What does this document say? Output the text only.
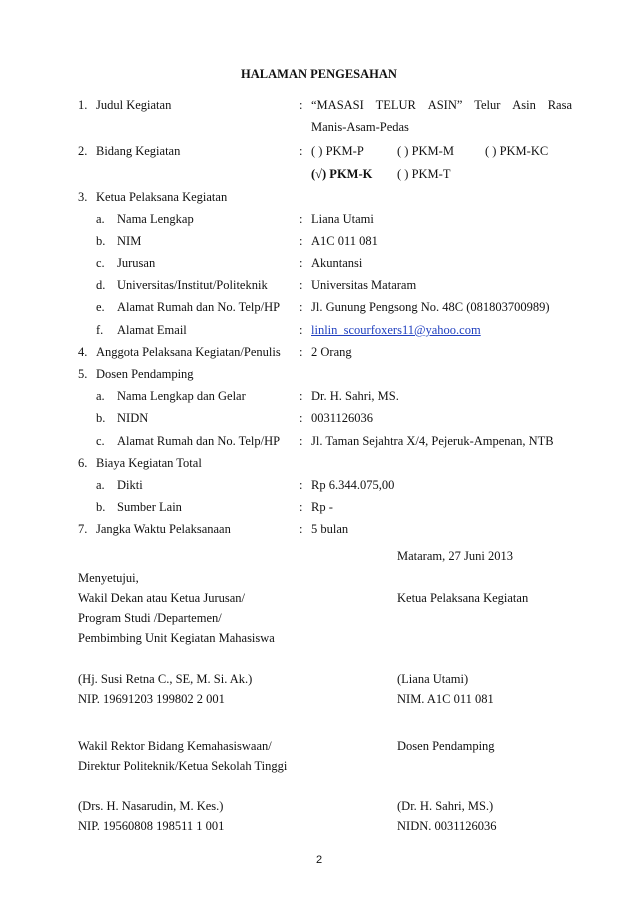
HALAMAN PENGESAHAN
1. Judul Kegiatan	: “MASASI TELUR ASIN” Telur Asin Rasa
Manis-Asam-Pedas
2. Bidang Kegiatan	: ( ) PKM-P	( ) PKM-M ( ) PKM-KC
(√) PKM-K ( ) PKM-T
3. Ketua Pelaksana Kegiatan
a. Nama Lengkap	: Liana Utami
b. NIM	: A1C 011 081
c. Jurusan	: Akuntansi
d. Universitas/Institut/Politeknik	: Universitas Mataram
e. Alamat Rumah dan No. Telp/HP : Jl. Gunung Pengsong No. 48C (081803700989)
f. Alamat Email	: linlin_scourfoxers11@yahoo.com
4. Anggota Pelaksana Kegiatan/Penulis : 2 Orang
5. Dosen Pendamping
a. Nama Lengkap dan Gelar	: Dr. H. Sahri, MS.
b. NIDN	: 0031126036
c. Alamat Rumah dan No. Telp/HP : Jl. Taman Sejahtra X/4, Pejeruk-Ampenan, NTB
6. Biaya Kegiatan Total
a. Dikti	: Rp 6.344.075,00
b. Sumber Lain	: Rp -
7. Jangka Waktu Pelaksanaan	: 5 bulan
Mataram, 27 Juni 2013
Menyetujui,
Wakil Dekan atau Ketua Jurusan/	Ketua Pelaksana Kegiatan
Program Studi /Departemen/
Pembimbing Unit Kegiatan Mahasiswa
(Hj. Susi Retna C., SE, M. Si. Ak.)	(Liana Utami)
NIP. 19691203 199802 2 001	NIM. A1C 011 081
Wakil Rektor Bidang Kemahasiswaan/	Dosen Pendamping
Direktur Politeknik/Ketua Sekolah Tinggi
(Drs. H. Nasarudin, M. Kes.)	(Dr. H. Sahri, MS.)
NIP. 19560808 198511 1 001	NIDN. 0031126036
2
